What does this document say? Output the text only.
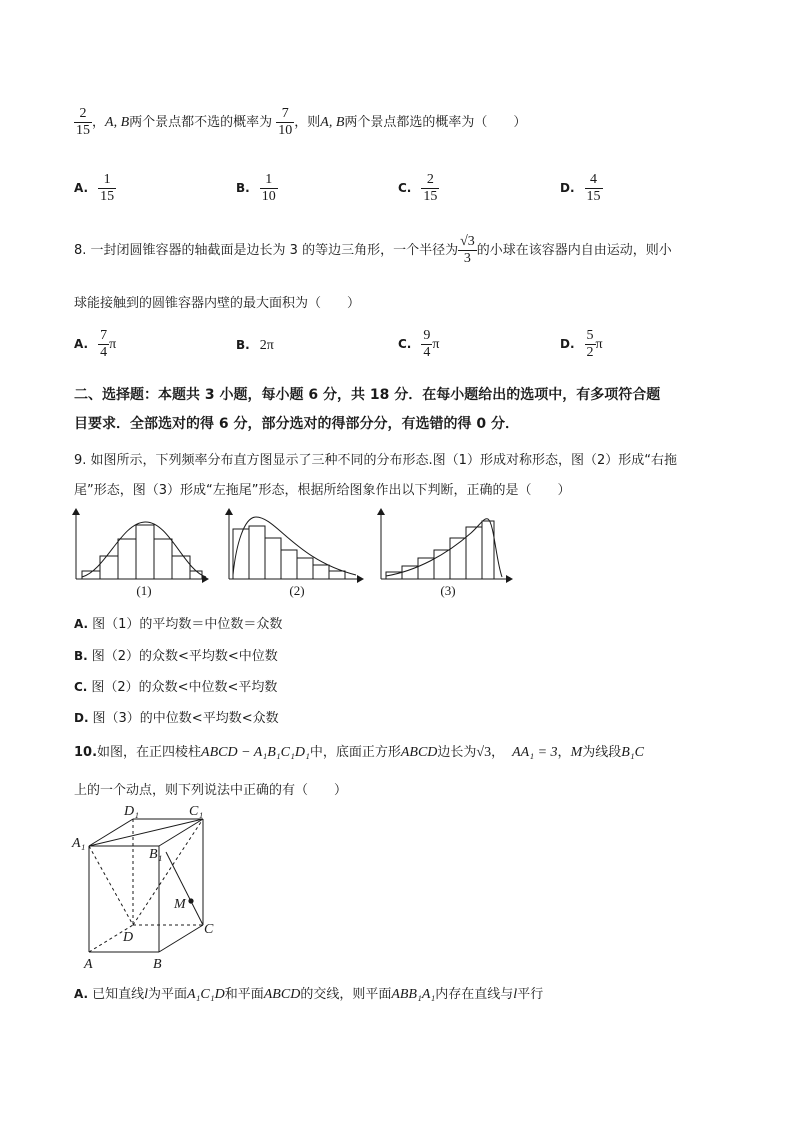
$\frac{2}{15}$ ，A, B两个景点都不选的概率为 $\frac{7}{10}$ ，则A, B两个景点都选的概率为（　　）
A. $\frac{1}{15}$	B. $\frac{1}{10}$	C. $\frac{2}{15}$	D. $\frac{4}{15}$
8. 一封闭圆锥容器的轴截面是边长为 3 的等边三角形，一个半径为 $\frac{√3}{3}$ 的小球在该容器内自由运动，则小
球能接触到的圆锥容器内壁的最大面积为（　　）
A. $\frac{7}{4}$ π	B. 2π	C. $\frac{9}{4}$ π	D. $\frac{5}{2}$ π
二、选择题：本题共 3 小题，每小题 6 分，共 18 分．在每小题给出的选项中，有多项符合题
目要求．全部选对的得 6 分，部分选对的得部分分，有选错的得 0 分．
9. 如图所示，下列频率分布直方图显示了三种不同的分布形态.图（1）形成对称形态，图（2）形成“右拖
尾”形态，图（3）形成“左拖尾”形态，根据所给图象作出以下判断，正确的是（　　）
(1)	(2)	(3)
A. 图（1）的平均数＝中位数＝众数
B. 图（2）的众数<平均数<中位数
C. 图（2）的众数<中位数<平均数
D. 图（3）的中位数<平均数<众数
10.如图，在正四棱柱ABCD − A₁B₁C₁D₁中，底面正方形ABCD边长为√3， AA₁ = 3，M为线段B₁C
上的一个动点，则下列说法中正确的有（　　）
D₁	C₁
A₁
B₁
M
D
C
A	B
A. 已知直线l为平面A₁C₁D和平面ABCD的交线，则平面ABB₁A₁内存在直线与l平行
